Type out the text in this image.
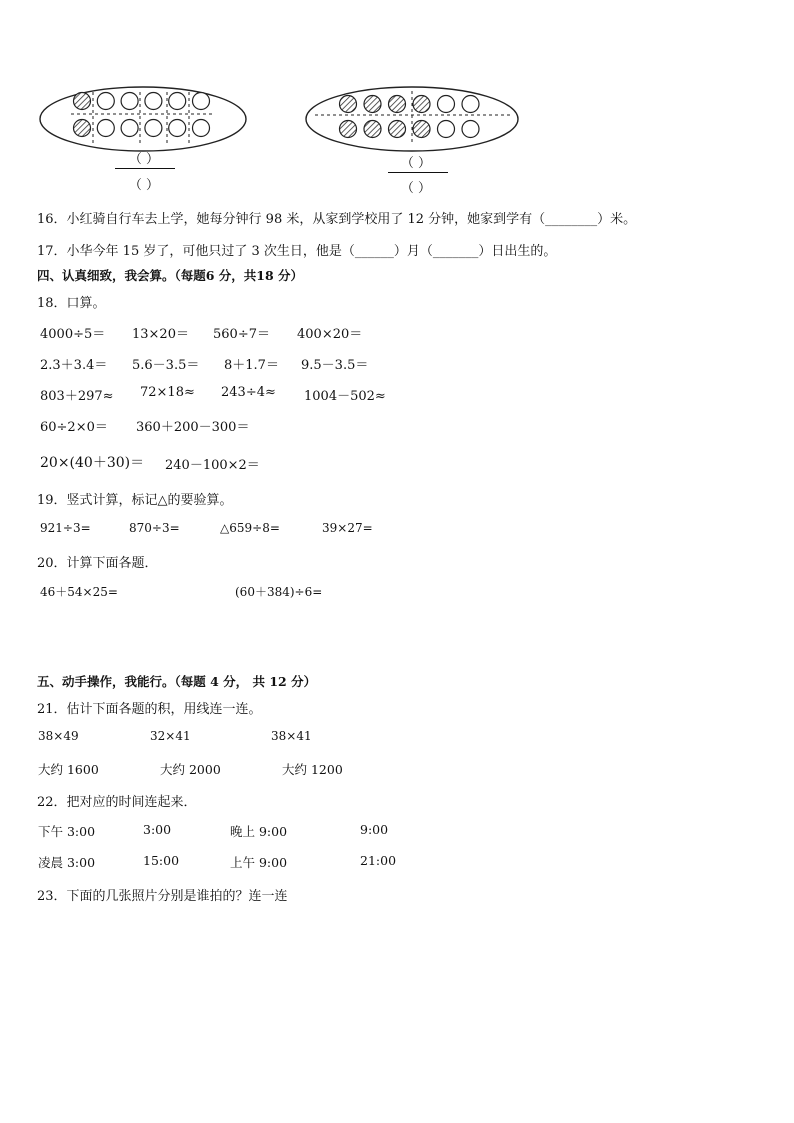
（ ）
（ ）
（ ）
（ ）
16．小红骑自行车去上学，她每分钟行 98 米，从家到学校用了 12 分钟，她家到学有（________）米。
17．小华今年 15 岁了，可他只过了 3 次生日，他是（______）月（_______）日出生的。
四、认真细致，我会算。（每题6 分，共18 分）
18．口算。
4000÷5＝ 13×20＝ 560÷7＝ 400×20＝
2.3＋3.4＝ 5.6－3.5＝ 8＋1.7＝ 9.5－3.5＝
803＋297≈ 72×18≈ 243÷4≈ 1004－502≈
60÷2×0＝ 360＋200－300＝
20×(40＋30)＝ 240－100×2＝
19．竖式计算，标记△的要验算。
921÷3=	870÷3=	△659÷8=	39×27=
20．计算下面各题．
46＋54×25=	(60＋384)÷6=
五、动手操作，我能行。（每题 4 分， 共 12 分）
21．估计下面各题的积，用线连一连。
38×49	32×41	38×41
大约 1600	大约 2000	大约 1200
22．把对应的时间连起来．
下午 3:00	3:00	晚上 9:00	9:00
凌晨 3:00	15:00	上午 9:00	21:00
23．下面的几张照片分别是谁拍的？连一连
